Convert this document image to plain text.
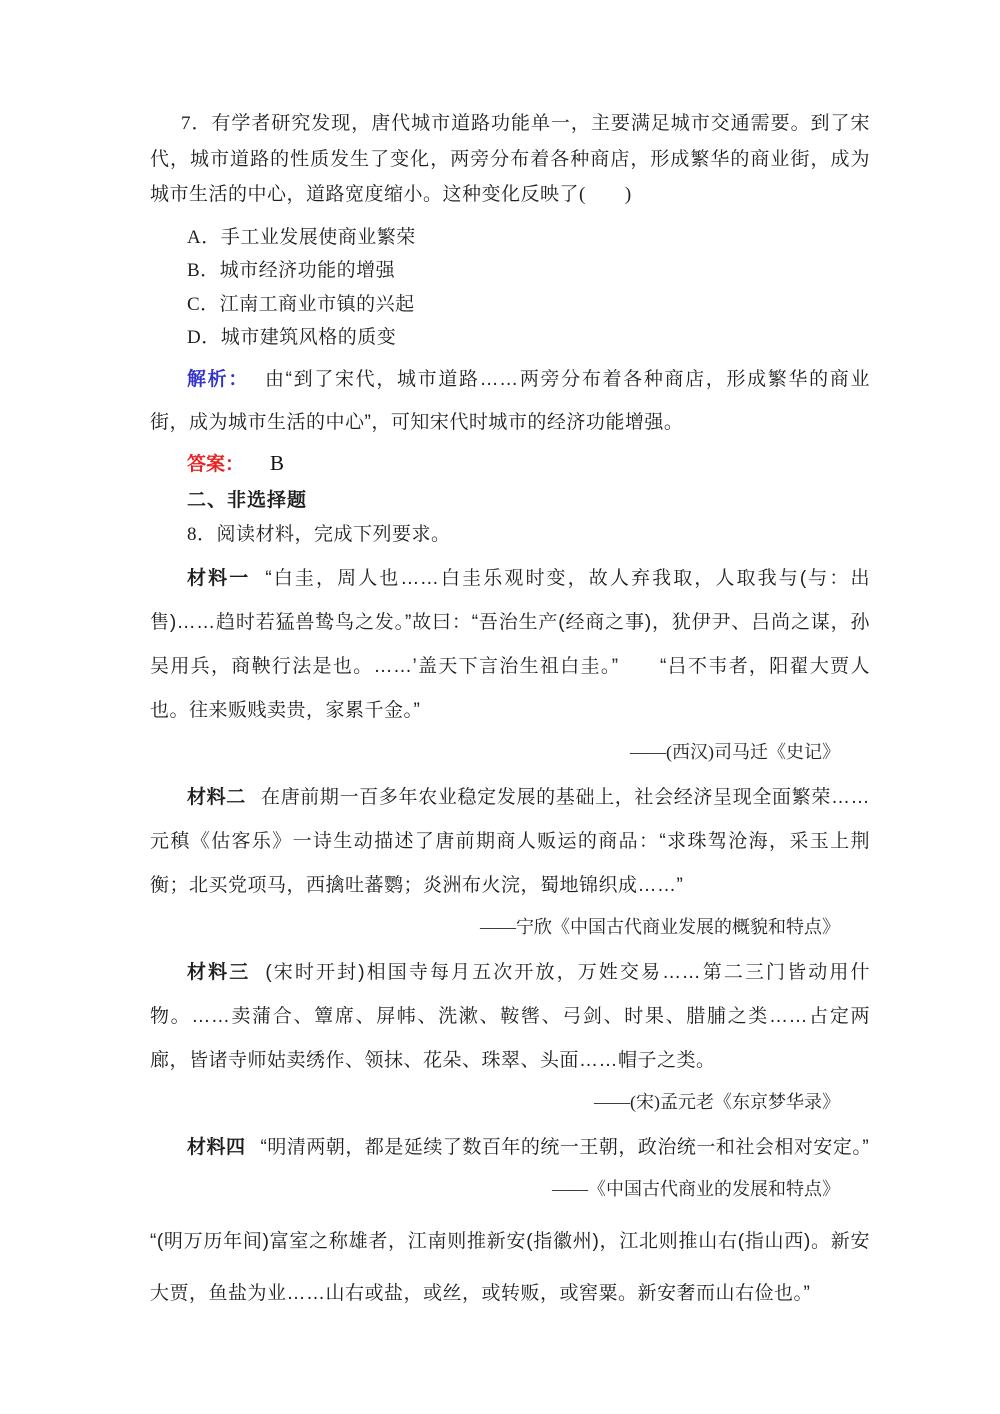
7．有学者研究发现，唐代城市道路功能单一，主要满足城市交通需要。到了宋代，城市道路的性质发生了变化，两旁分布着各种商店，形成繁华的商业街，成为城市生活的中心，道路宽度缩小。这种变化反映了(　　)

A．手工业发展使商业繁荣

B．城市经济功能的增强

C．江南工商业市镇的兴起

D．城市建筑风格的质变

解析： 由“到了宋代，城市道路……两旁分布着各种商店，形成繁华的商业街，成为城市生活的中心”，可知宋代时城市的经济功能增强。

答案： B

二、非选择题

8．阅读材料，完成下列要求。

材料一 “白圭，周人也……白圭乐观时变，故人弃我取，人取我与(与：出售)……趋时若猛兽鸷鸟之发。”故曰：“吾治生产(经商之事)，犹伊尹、吕尚之谋，孙吴用兵，商鞅行法是也。……’盖天下言治生祖白圭。”　　“吕不韦者，阳翟大贾人也。往来贩贱卖贵，家累千金。”

——(西汉)司马迁《史记》

材料二 在唐前期一百多年农业稳定发展的基础上，社会经济呈现全面繁荣……元稹《估客乐》一诗生动描述了唐前期商人贩运的商品：“求珠驾沧海，采玉上荆衡；北买党项马，西擒吐蕃鹦；炎洲布火浣，蜀地锦织成……”

——宁欣《中国古代商业发展的概貌和特点》

材料三 (宋时开封)相国寺每月五次开放，万姓交易……第二三门皆动用什物。……卖蒲合、簟席、屏帏、洗漱、鞍辔、弓剑、时果、腊脯之类……占定两廊，皆诸寺师姑卖绣作、领抹、花朵、珠翠、头面……帽子之类。

——(宋)孟元老《东京梦华录》

材料四 “明清两朝，都是延续了数百年的统一王朝，政治统一和社会相对安定。”

——《中国古代商业的发展和特点》

“(明万历年间)富室之称雄者，江南则推新安(指徽州)，江北则推山右(指山西)。新安大贾，鱼盐为业……山右或盐，或丝，或转贩，或窖粟。新安奢而山右俭也。”
